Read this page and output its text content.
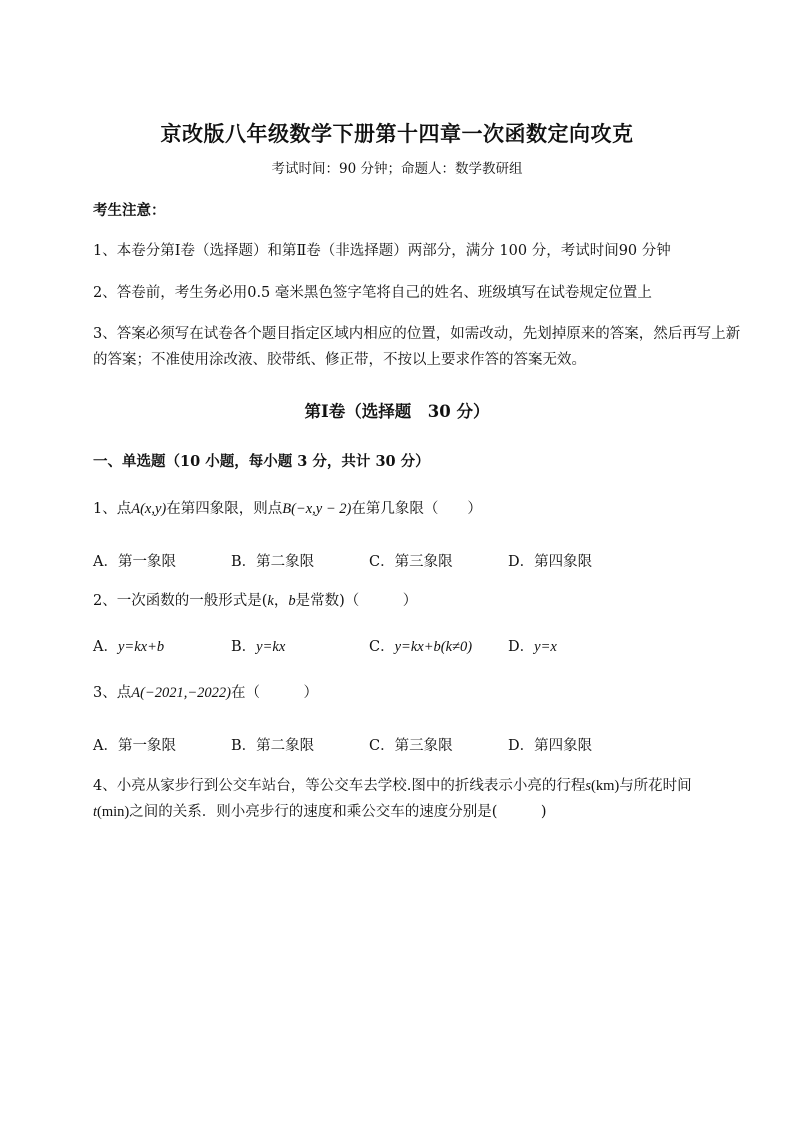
京改版八年级数学下册第十四章一次函数定向攻克
考试时间：90 分钟；命题人：数学教研组
考生注意：
1、本卷分第Ⅰ卷（选择题）和第Ⅱ卷（非选择题）两部分，满分 100 分，考试时间90 分钟
2、答卷前，考生务必用0.5 毫米黑色签字笔将自己的姓名、班级填写在试卷规定位置上
3、答案必须写在试卷各个题目指定区域内相应的位置，如需改动，先划掉原来的答案，然后再写上新
的答案；不准使用涂改液、胶带纸、修正带，不按以上要求作答的答案无效。
第Ⅰ卷（选择题　30 分）
一、单选题（10 小题，每小题 3 分，共计 30 分）
1、点A(x,y)在第四象限，则点B(−x,y − 2)在第几象限（　　）
A．第一象限	B．第二象限	C．第三象限	D．第四象限
2、一次函数的一般形式是(k，b是常数)（　　　）
A．y=kx+b	B．y=kx	C．y=kx+b(k≠0) D．y=x
3、点A(−2021,−2022)在（　　　）
A．第一象限	B．第二象限	C．第三象限	D．第四象限
4、小亮从家步行到公交车站台，等公交车去学校.图中的折线表示小亮的行程s(km)与所花时间
t(min)之间的关系．则小亮步行的速度和乘公交车的速度分别是(　　　)
